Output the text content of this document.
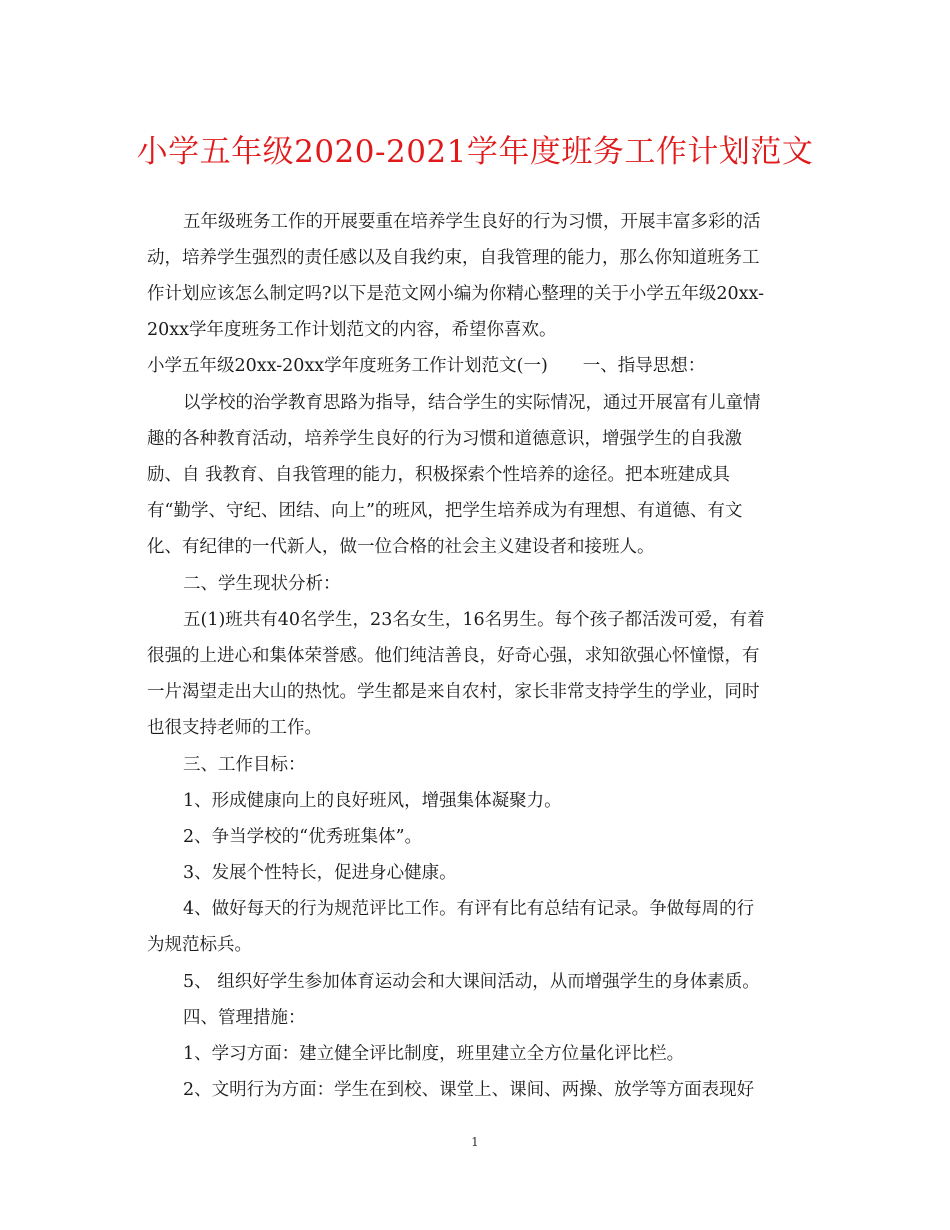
小学五年级2020-2021学年度班务工作计划范文
五年级班务工作的开展要重在培养学生良好的行为习惯，开展丰富多彩的活
动，培养学生强烈的责任感以及自我约束，自我管理的能力，那么你知道班务工
作计划应该怎么制定吗?以下是范文网小编为你精心整理的关于小学五年级20xx-
20xx学年度班务工作计划范文的内容，希望你喜欢。
小学五年级20xx-20xx学年度班务工作计划范文(一)　　一、指导思想：
以学校的治学教育思路为指导，结合学生的实际情况，通过开展富有儿童情
趣的各种教育活动，培养学生良好的行为习惯和道德意识，增强学生的自我激
励、自 我教育、自我管理的能力，积极探索个性培养的途径。把本班建成具
有“勤学、守纪、团结、向上”的班风，把学生培养成为有理想、有道德、有文
化、有纪律的一代新人，做一位合格的社会主义建设者和接班人。
二、学生现状分析：
五(1)班共有40名学生，23名女生，16名男生。每个孩子都活泼可爱，有着
很强的上进心和集体荣誉感。他们纯洁善良，好奇心强，求知欲强心怀憧憬，有
一片渴望走出大山的热忱。学生都是来自农村，家长非常支持学生的学业，同时
也很支持老师的工作。
三、工作目标：
1、形成健康向上的良好班风，增强集体凝聚力。
2、争当学校的“优秀班集体”。
3、发展个性特长，促进身心健康。
4、做好每天的行为规范评比工作。有评有比有总结有记录。争做每周的行
为规范标兵。
5、 组织好学生参加体育运动会和大课间活动，从而增强学生的身体素质。
四、管理措施：
1、学习方面：建立健全评比制度，班里建立全方位量化评比栏。
2、文明行为方面：学生在到校、课堂上、课间、两操、放学等方面表现好
1
